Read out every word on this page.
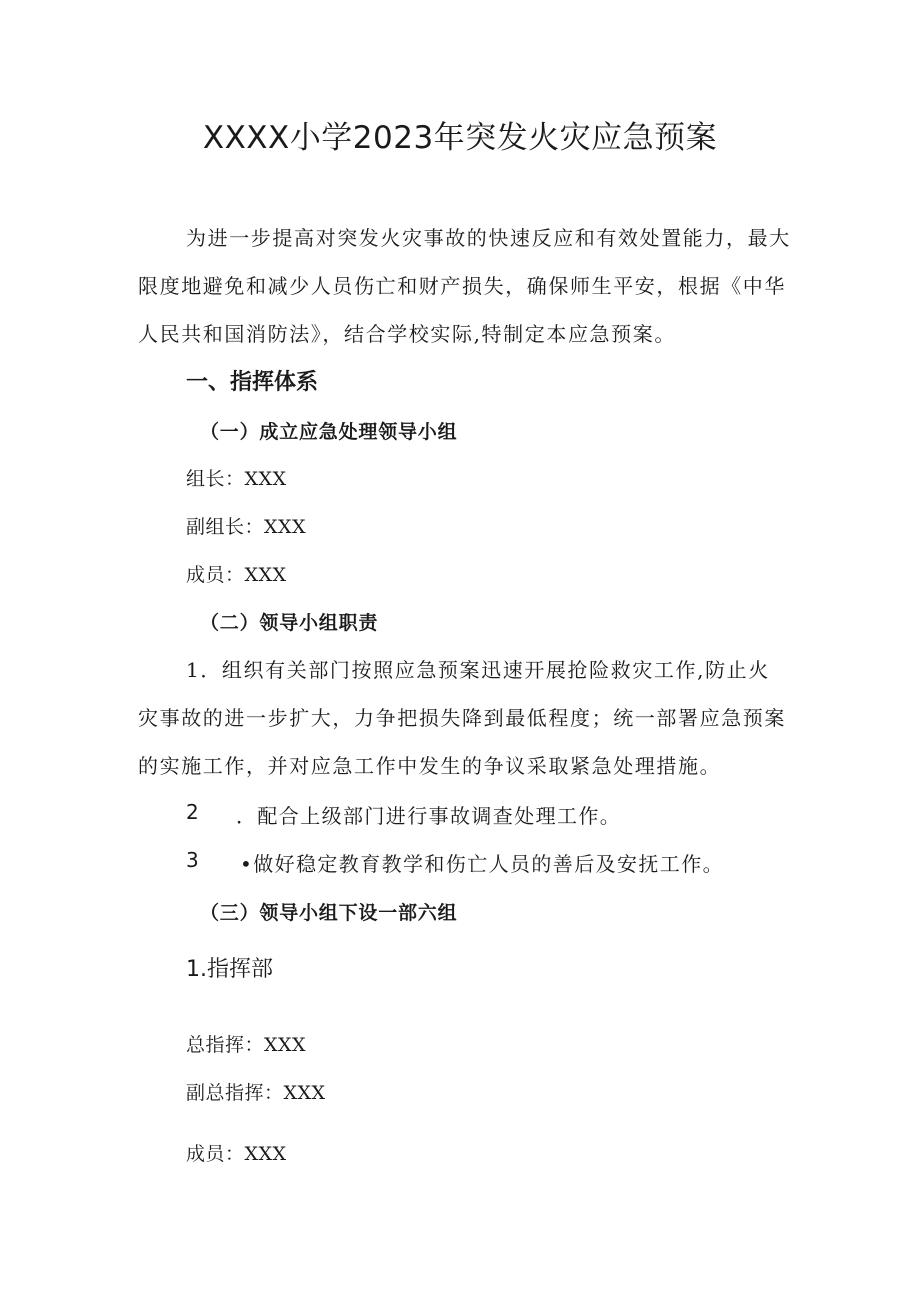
XXXX小学2023年突发火灾应急预案
为进一步提高对突发火灾事故的快速反应和有效处置能力，最大
限度地避免和减少人员伤亡和财产损失，确保师生平安，根据《中华
人民共和国消防法》，结合学校实际,特制定本应急预案。
一、指挥体系
（一）成立应急处理领导小组
组长：XXX
副组长：XXX
成员：XXX
（二）领导小组职责
1．组织有关部门按照应急预案迅速开展抢险救灾工作,防止火
灾事故的进一步扩大，力争把损失降到最低程度；统一部署应急预案
的实施工作，并对应急工作中发生的争议采取紧急处理措施。
2 ．配合上级部门进行事故调查处理工作。
3 •做好稳定教育教学和伤亡人员的善后及安抚工作。
（三）领导小组下设一部六组
1.指挥部
总指挥：XXX
副总指挥：XXX
成员：XXX
